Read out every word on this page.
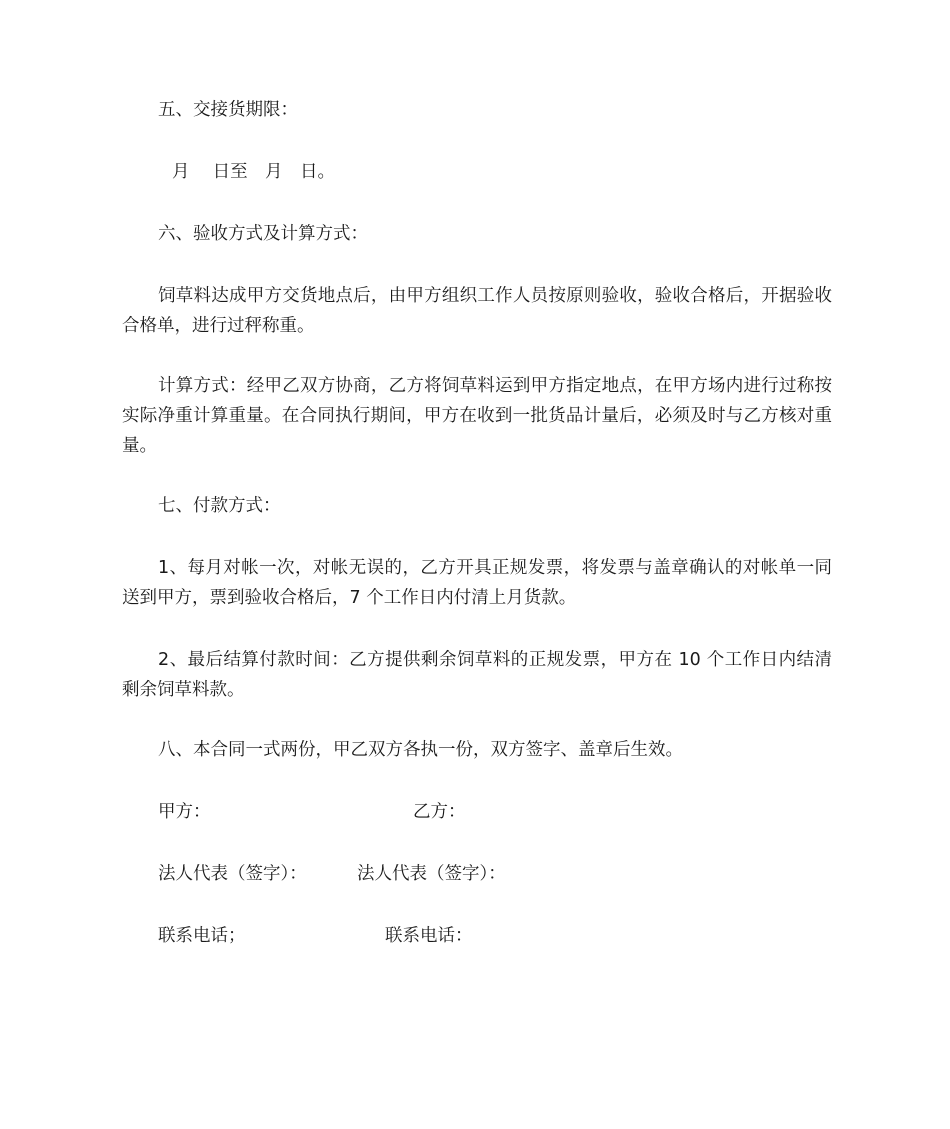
五、交接货期限：

月　 日至　月　日。

六、验收方式及计算方式：

饲草料达成甲方交货地点后，由甲方组织工作人员按原则验收，验收合格后，开据验收合格单，进行过秤称重。

计算方式：经甲乙双方协商，乙方将饲草料运到甲方指定地点，在甲方场内进行过称按实际净重计算重量。在合同执行期间，甲方在收到一批货品计量后，必须及时与乙方核对重量。

七、付款方式：

1、每月对帐一次，对帐无误的，乙方开具正规发票，将发票与盖章确认的对帐单一同送到甲方，票到验收合格后，7 个工作日内付清上月货款。

2、最后结算付款时间：乙方提供剩余饲草料的正规发票，甲方在 10 个工作日内结清剩余饲草料款。

八、本合同一式两份，甲乙双方各执一份，双方签字、盖章后生效。

甲方：	乙方：

法人代表（签字）：	法人代表（签字）：

联系电话；	联系电话：
